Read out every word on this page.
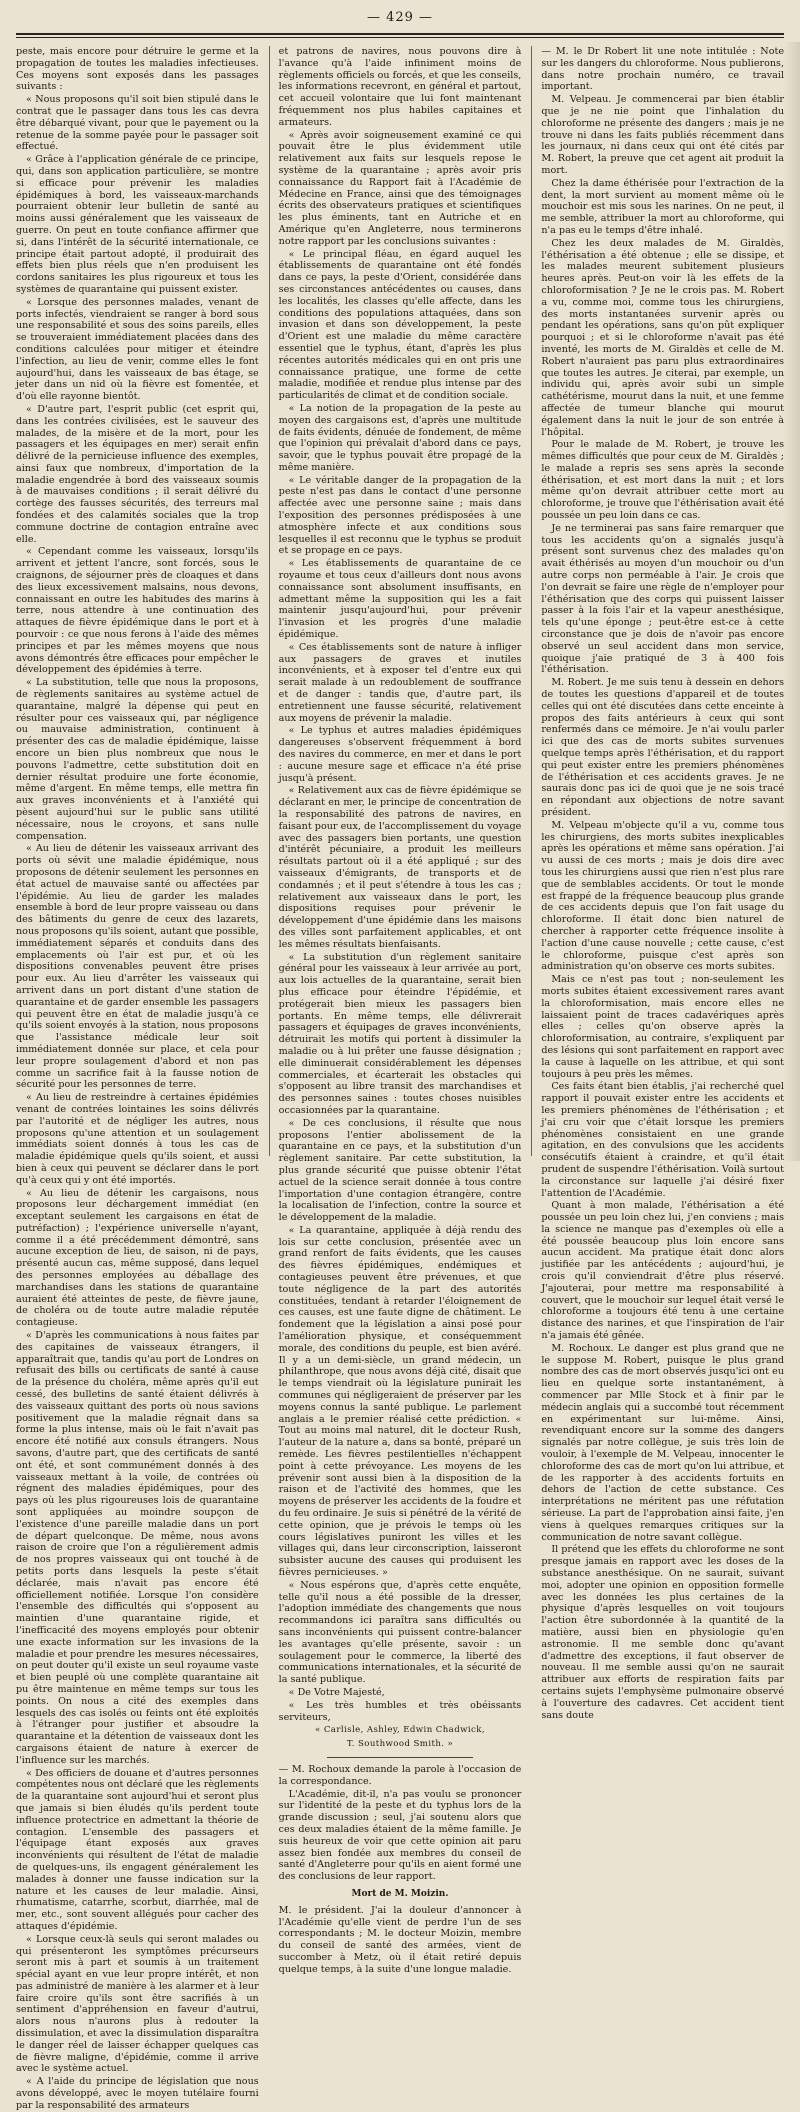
— 429 —

peste, mais encore pour détruire le germe et la propagation de toutes les maladies infectieuses. Ces moyens sont exposés dans les passages suivants :

« Nous proposons qu'il soit bien stipulé dans le contrat que le passager dans tous les cas devra être débarqué vivant, pour que le payement ou la retenue de la somme payée pour le passager soit effectué.

« Grâce à l'application générale de ce principe, qui, dans son application particulière, se montre si efficace pour prévenir les maladies épidémiques à bord, les vaisseaux-marchands pourraient obtenir leur bulletin de santé au moins aussi généralement que les vaisseaux de guerre. On peut en toute confiance affirmer que si, dans l'intérêt de la sécurité internationale, ce principe était partout adopté, il produirait des effets bien plus réels que n'en produisent les cordons sanitaires les plus rigoureux et tous les systèmes de quarantaine qui puissent exister.

« Lorsque des personnes malades, venant de ports infectés, viendraient se ranger à bord sous une responsabilité et sous des soins pareils, elles se trouveraient immédiatement placées dans des conditions calculées pour mitiger et éteindre l'infection, au lieu de venir, comme elles le font aujourd'hui, dans les vaisseaux de bas étage, se jeter dans un nid où la fièvre est fomentée, et d'où elle rayonne bientôt.

« D'autre part, l'esprit public (cet esprit qui, dans les contrées civilisées, est le sauveur des malades, de la misère et de la mort, pour les passagers et les équipages en mer) serait enfin délivré de la pernicieuse influence des exemples, ainsi faux que nombreux, d'importation de la maladie engendrée à bord des vaisseaux soumis à de mauvaises conditions ; il serait délivré du cortège des fausses sécurités, des terreurs mal fondées et des calamités sociales que la trop commune doctrine de contagion entraîne avec elle.

« Cependant comme les vaisseaux, lorsqu'ils arrivent et jettent l'ancre, sont forcés, sous le craignons, de séjourner près de cloaques et dans des lieux excessivement malsains, nous devons, connaissant en outre les habitudes des marins à terre, nous attendre à une continuation des attaques de fièvre épidémique dans le port et à pourvoir : ce que nous ferons à l'aide des mêmes principes et par les mêmes moyens que nous avons démontrés être efficaces pour empêcher le développement des épidémies à terre.

« La substitution, telle que nous la proposons, de règlements sanitaires au système actuel de quarantaine, malgré la dépense qui peut en résulter pour ces vaisseaux qui, par négligence ou mauvaise administration, continuent à présenter des cas de maladie épidémique, laisse encore un bien plus nombreux que nous le pouvons l'admettre, cette substitution doit en dernier résultat produire une forte économie, même d'argent. En même temps, elle mettra fin aux graves inconvénients et à l'anxiété qui pèsent aujourd'hui sur le public sans utilité nécessaire, nous le croyons, et sans nulle compensation.

« Au lieu de détenir les vaisseaux arrivant des ports où sévit une maladie épidémique, nous proposons de détenir seulement les personnes en état actuel de mauvaise santé ou affectées par l'épidémie. Au lieu de garder les malades ensemble à bord de leur propre vaisseau ou dans des bâtiments du genre de ceux des lazarets, nous proposons qu'ils soient, autant que possible, immédiatement séparés et conduits dans des emplacements où l'air est pur, et où les dispositions convenables peuvent être prises pour eux. Au lieu d'arrêter les vaisseaux qui arrivent dans un port distant d'une station de quarantaine et de garder ensemble les passagers qui peuvent être en état de maladie jusqu'à ce qu'ils soient envoyés à la station, nous proposons que l'assistance médicale leur soit immédiatement donnée sur place, et cela pour leur propre soulagement d'abord et non pas comme un sacrifice fait à la fausse notion de sécurité pour les personnes de terre.

« Au lieu de restreindre à certaines épidémies venant de contrées lointaines les soins délivrés par l'autorité et de négliger les autres, nous proposons qu'une attention et un soulagement immédiats soient donnés à tous les cas de maladie épidémique quels qu'ils soient, et aussi bien à ceux qui peuvent se déclarer dans le port qu'à ceux qui y ont été importés.

« Au lieu de détenir les cargaisons, nous proposons leur déchargement immédiat (en exceptant seulement les cargaisons en état de putréfaction) ; l'expérience universelle n'ayant, comme il a été précédemment démontré, sans aucune exception de lieu, de saison, ni de pays, présenté aucun cas, même supposé, dans lequel des personnes employées au déballage des marchandises dans les stations de quarantaine auraient été atteintes de peste, de fièvre jaune, de choléra ou de toute autre maladie réputée contagieuse.

« D'après les communications à nous faites par des capitaines de vaisseaux étrangers, il apparaîtrait que, tandis qu'au port de Londres on refusait des bills ou certificats de santé à cause de la présence du choléra, même après qu'il eut cessé, des bulletins de santé étaient délivrés à des vaisseaux quittant des ports où nous savions positivement que la maladie régnait dans sa forme la plus intense, mais où le fait n'avait pas encore été notifié aux consuls étrangers. Nous savons, d'autre part, que des certificats de santé ont été, et sont communément donnés à des vaisseaux mettant à la voile, de contrées où régnent des maladies épidémiques, pour des pays où les plus rigoureuses lois de quarantaine sont appliquées au moindre soupçon de l'existence d'une pareille maladie dans un port de départ quelconque. De même, nous avons raison de croire que l'on a régulièrement admis de nos propres vaisseaux qui ont touché à de petits ports dans lesquels la peste s'était déclarée, mais n'avait pas encore été officiellement notifiée. Lorsque l'on considère l'ensemble des difficultés qui s'opposent au maintien d'une quarantaine rigide, et l'inefficacité des moyens employés pour obtenir une exacte information sur les invasions de la maladie et pour prendre les mesures nécessaires, on peut douter qu'il existe un seul royaume vaste et bien peuplé où une complète quarantaine ait pu être maintenue en même temps sur tous les points. On nous a cité des exemples dans lesquels des cas isolés ou feints ont été exploités à l'étranger pour justifier et absoudre la quarantaine et la détention de vaisseaux dont les cargaisons étaient de nature à exercer de l'influence sur les marchés.

« Des officiers de douane et d'autres personnes compétentes nous ont déclaré que les règlements de la quarantaine sont aujourd'hui et seront plus que jamais si bien éludés qu'ils perdent toute influence protectrice en admettant la théorie de contagion. L'ensemble des passagers et l'équipage étant exposés aux graves inconvénients qui résultent de l'état de maladie de quelques-uns, ils engagent généralement les malades à donner une fausse indication sur la nature et les causes de leur maladie. Ainsi, rhumatisme, catarrhe, scorbut, diarrhée, mal de mer, etc., sont souvent allégués pour cacher des attaques d'épidémie.

« Lorsque ceux-là seuls qui seront malades ou qui présenteront les symptômes précurseurs seront mis à part et soumis à un traitement spécial ayant en vue leur propre intérêt, et non pas administré de manière à les alarmer et à leur faire croire qu'ils sont être sacrifiés à un sentiment d'appréhension en faveur d'autrui, alors nous n'aurons plus à redouter la dissimulation, et avec la dissimulation disparaîtra le danger réel de laisser échapper quelques cas de fièvre maligne, d'épidémie, comme il arrive avec le système actuel.

« A l'aide du principe de législation que nous avons développé, avec le moyen tutélaire fourni par la responsabilité des armateurs

et patrons de navires, nous pouvons dire à l'avance qu'à l'aide infiniment moins de règlements officiels ou forcés, et que les conseils, les informations recevront, en général et partout, cet accueil volontaire que lui font maintenant fréquemment nos plus habiles capitaines et armateurs.

« Après avoir soigneusement examiné ce qui pouvait être le plus évidemment utile relativement aux faits sur lesquels repose le système de la quarantaine ; après avoir pris connaissance du Rapport fait à l'Académie de Médecine en France, ainsi que des témoignages écrits des observateurs pratiques et scientifiques les plus éminents, tant en Autriche et en Amérique qu'en Angleterre, nous terminerons notre rapport par les conclusions suivantes :

« Le principal fléau, en égard auquel les établissements de quarantaine ont été fondés dans ce pays, la peste d'Orient, considérée dans ses circonstances antécédentes ou causes, dans les localités, les classes qu'elle affecte, dans les conditions des populations attaquées, dans son invasion et dans son développement, la peste d'Orient est une maladie du même caractère essentiel que le typhus, étant, d'après les plus récentes autorités médicales qui en ont pris une connaissance pratique, une forme de cette maladie, modifiée et rendue plus intense par des particularités de climat et de condition sociale.

« La notion de la propagation de la peste au moyen des cargaisons est, d'après une multitude de faits évidents, dénuée de fondement, de même que l'opinion qui prévalait d'abord dans ce pays, savoir, que le typhus pouvait être propagé de la même manière.

« Le véritable danger de la propagation de la peste n'est pas dans le contact d'une personne affectée avec une personne saine ; mais dans l'exposition des personnes prédisposées à une atmosphère infecte et aux conditions sous lesquelles il est reconnu que le typhus se produit et se propage en ce pays.

« Les établissements de quarantaine de ce royaume et tous ceux d'ailleurs dont nous avons connaissance sont absolument insuffisants, en admettant même la supposition qui les a fait maintenir jusqu'aujourd'hui, pour prévenir l'invasion et les progrès d'une maladie épidémique.

« Ces établissements sont de nature à infliger aux passagers de graves et inutiles inconvénients, et à exposer tel d'entre eux qui serait malade à un redoublement de souffrance et de danger : tandis que, d'autre part, ils entretiennent une fausse sécurité, relativement aux moyens de prévenir la maladie.

« Le typhus et autres maladies épidémiques dangereuses s'observent fréquemment à bord des navires du commerce, en mer et dans le port : aucune mesure sage et efficace n'a été prise jusqu'à présent.

« Relativement aux cas de fièvre épidémique se déclarant en mer, le principe de concentration de la responsabilité des patrons de navires, en faisant pour eux, de l'accomplissement du voyage avec des passagers bien portants, une question d'intérêt pécuniaire, a produit les meilleurs résultats partout où il a été appliqué ; sur des vaisseaux d'émigrants, de transports et de condamnés ; et il peut s'étendre à tous les cas ; relativement aux vaisseaux dans le port, les dispositions requises pour prévenir le développement d'une épidémie dans les maisons des villes sont parfaitement applicables, et ont les mêmes résultats bienfaisants.

« La substitution d'un règlement sanitaire général pour les vaisseaux à leur arrivée au port, aux lois actuelles de la quarantaine, serait bien plus efficace pour éteindre l'épidémie, et protégerait bien mieux les passagers bien portants. En même temps, elle délivrerait passagers et équipages de graves inconvénients, détruirait les motifs qui portent à dissimuler la maladie ou à lui prêter une fausse désignation ; elle diminuerait considérablement les dépenses commerciales, et écarterait les obstacles qui s'opposent au libre transit des marchandises et des personnes saines : toutes choses nuisibles occasionnées par la quarantaine.

« De ces conclusions, il résulte que nous proposons l'entier abolissement de la quarantaine en ce pays, et la substitution d'un règlement sanitaire. Par cette substitution, la plus grande sécurité que puisse obtenir l'état actuel de la science serait donnée à tous contre l'importation d'une contagion étrangère, contre la localisation de l'infection, contre la source et le développement de la maladie.

« La quarantaine, appliquée à déjà rendu des lois sur cette conclusion, présentée avec un grand renfort de faits évidents, que les causes des fièvres épidémiques, endémiques et contagieuses peuvent être prévenues, et que toute négligence de la part des autorités constituées, tendant à retarder l'éloignement de ces causes, est une faute digne de châtiment. Le fondement que la législation a ainsi posé pour l'amélioration physique, et conséquemment morale, des conditions du peuple, est bien avéré. Il y a un demi-siècle, un grand médecin, un philanthrope, que nous avons déjà cité, disait que le temps viendrait où la législature punirait les communes qui négligeraient de préserver par les moyens connus la santé publique. Le parlement anglais a le premier réalisé cette prédiction. « Tout au moins mal naturel, dit le docteur Rush, l'auteur de la nature a, dans sa bonté, préparé un remède. Les fièvres pestilentielles n'échappent point à cette prévoyance. Les moyens de les prévenir sont aussi bien à la disposition de la raison et de l'activité des hommes, que les moyens de préserver les accidents de la foudre et du feu ordinaire. Je suis si pénétré de la vérité de cette opinion, que je prévois le temps où les cours législatives puniront les villes et les villages qui, dans leur circonscription, laisseront subsister aucune des causes qui produisent les fièvres pernicieuses. »

« Nous espérons que, d'après cette enquête, telle qu'il nous a été possible de la dresser, l'adoption immédiate des changements que nous recommandons ici paraîtra sans difficultés ou sans inconvénients qui puissent contre-balancer les avantages qu'elle présente, savoir : un soulagement pour le commerce, la liberté des communications internationales, et la sécurité de la santé publique.

« De Votre Majesté,

« Les très humbles et très obéissants serviteurs,

« Carlisle, Ashley, Edwin Chadwick,

T. Southwood Smith. »

— M. Rochoux demande la parole à l'occasion de la correspondance.

L'Académie, dit-il, n'a pas voulu se prononcer sur l'identité de la peste et du typhus lors de la grande discussion ; seul, j'ai soutenu alors que ces deux maladies étaient de la même famille. Je suis heureux de voir que cette opinion ait paru assez bien fondée aux membres du conseil de santé d'Angleterre pour qu'ils en aient formé une des conclusions de leur rapport.

Mort de M. Moizin.

M. le président. J'ai la douleur d'annoncer à l'Académie qu'elle vient de perdre l'un de ses correspondants ; M. le docteur Moizin, membre du conseil de santé des armées, vient de succomber à Metz, où il était retiré depuis quelque temps, à la suite d'une longue maladie.

— M. le Dr Robert lit une note intitulée : Note sur les dangers du chloroforme. Nous publierons, dans notre prochain numéro, ce travail important.

M. Velpeau. Je commencerai par bien établir que je ne nie point que l'inhalation du chloroforme ne présente des dangers ; mais je ne trouve ni dans les faits publiés récemment dans les journaux, ni dans ceux qui ont été cités par M. Robert, la preuve que cet agent ait produit la mort.

Chez la dame éthérisée pour l'extraction de la dent, la mort survient au moment même où le mouchoir est mis sous les narines. On ne peut, il me semble, attribuer la mort au chloroforme, qui n'a pas eu le temps d'être inhalé.

Chez les deux malades de M. Giraldès, l'éthérisation a été obtenue ; elle se dissipe, et les malades meurent subitement plusieurs heures après. Peut-on voir là les effets de la chloroformisation ? Je ne le crois pas. M. Robert a vu, comme moi, comme tous les chirurgiens, des morts instantanées survenir après ou pendant les opérations, sans qu'on pût expliquer pourquoi ; et si le chloroforme n'avait pas été inventé, les morts de M. Giraldès et celle de M. Robert n'auraient pas paru plus extraordinaires que toutes les autres. Je citerai, par exemple, un individu qui, après avoir subi un simple cathétérisme, mourut dans la nuit, et une femme affectée de tumeur blanche qui mourut également dans la nuit le jour de son entrée à l'hôpital.

Pour le malade de M. Robert, je trouve les mêmes difficultés que pour ceux de M. Giraldès ; le malade a repris ses sens après la seconde éthérisation, et est mort dans la nuit ; et lors même qu'on devrait attribuer cette mort au chloroforme, je trouve que l'éthérisation avait été poussée un peu loin dans ce cas.

Je ne terminerai pas sans faire remarquer que tous les accidents qu'on a signalés jusqu'à présent sont survenus chez des malades qu'on avait éthérisés au moyen d'un mouchoir ou d'un autre corps non perméable à l'air. Je crois que l'on devrait se faire une règle de n'employer pour l'éthérisation que des corps qui puissent laisser passer à la fois l'air et la vapeur anesthésique, tels qu'une éponge ; peut-être est-ce à cette circonstance que je dois de n'avoir pas encore observé un seul accident dans mon service, quoique j'aie pratiqué de 3 à 400 fois l'éthérisation.

M. Robert. Je me suis tenu à dessein en dehors de toutes les questions d'appareil et de toutes celles qui ont été discutées dans cette enceinte à propos des faits antérieurs à ceux qui sont renfermés dans ce mémoire. Je n'ai voulu parler ici que des cas de morts subites survenues quelque temps après l'éthérisation, et du rapport qui peut exister entre les premiers phénomènes de l'éthérisation et ces accidents graves. Je ne saurais donc pas ici de quoi que je ne sois tracé en répondant aux objections de notre savant président.

M. Velpeau m'objecte qu'il a vu, comme tous les chirurgiens, des morts subites inexplicables après les opérations et même sans opération. J'ai vu aussi de ces morts ; mais je dois dire avec tous les chirurgiens aussi que rien n'est plus rare que de semblables accidents. Or tout le monde est frappé de la fréquence beaucoup plus grande de ces accidents depuis que l'on fait usage du chloroforme. Il était donc bien naturel de chercher à rapporter cette fréquence insolite à l'action d'une cause nouvelle ; cette cause, c'est le chloroforme, puisque c'est après son administration qu'on observe ces morts subites.

Mais ce n'est pas tout ; non-seulement les morts subites étaient excessivement rares avant la chloroformisation, mais encore elles ne laissaient point de traces cadavériques après elles ; celles qu'on observe après la chloroformisation, au contraire, s'expliquent par des lésions qui sont parfaitement en rapport avec la cause à laquelle on les attribue, et qui sont toujours à peu près les mêmes.

Ces faits étant bien établis, j'ai recherché quel rapport il pouvait exister entre les accidents et les premiers phénomènes de l'éthérisation ; et j'ai cru voir que c'était lorsque les premiers phénomènes consistaient en une grande agitation, en des convulsions que les accidents consécutifs étaient à craindre, et qu'il était prudent de suspendre l'éthérisation. Voilà surtout la circonstance sur laquelle j'ai désiré fixer l'attention de l'Académie.

Quant à mon malade, l'éthérisation a été poussée un peu loin chez lui, j'en conviens ; mais la science ne manque pas d'exemples où elle a été poussée beaucoup plus loin encore sans aucun accident. Ma pratique était donc alors justifiée par les antécédents ; aujourd'hui, je crois qu'il conviendrait d'être plus réservé. J'ajouterai, pour mettre ma responsabilité à couvert, que le mouchoir sur lequel était versé le chloroforme a toujours été tenu à une certaine distance des narines, et que l'inspiration de l'air n'a jamais été gênée.

M. Rochoux. Le danger est plus grand que ne le suppose M. Robert, puisque le plus grand nombre des cas de mort observés jusqu'ici ont eu lieu en quelque sorte instantanément, à commencer par Mlle Stock et à finir par le médecin anglais qui a succombé tout récemment en expérimentant sur lui-même. Ainsi, revendiquant encore sur la somme des dangers signalés par notre collègue, je suis très loin de vouloir, à l'exemple de M. Velpeau, innocenter le chloroforme des cas de mort qu'on lui attribue, et de les rapporter à des accidents fortuits en dehors de l'action de cette substance. Ces interprétations ne méritent pas une réfutation sérieuse. La part de l'approbation ainsi faite, j'en viens à quelques remarques critiques sur la communication de notre savant collègue.

Il prétend que les effets du chloroforme ne sont presque jamais en rapport avec les doses de la substance anesthésique. On ne saurait, suivant moi, adopter une opinion en opposition formelle avec les données les plus certaines de la physique d'après lesquelles on voit toujours l'action être subordonnée à la quantité de la matière, aussi bien en physiologie qu'en astronomie. Il me semble donc qu'avant d'admettre des exceptions, il faut observer de nouveau. Il me semble aussi qu'on ne saurait attribuer aux efforts de respiration faits par certains sujets l'emphysème pulmonaire observé à l'ouverture des cadavres. Cet accident tient sans doute
